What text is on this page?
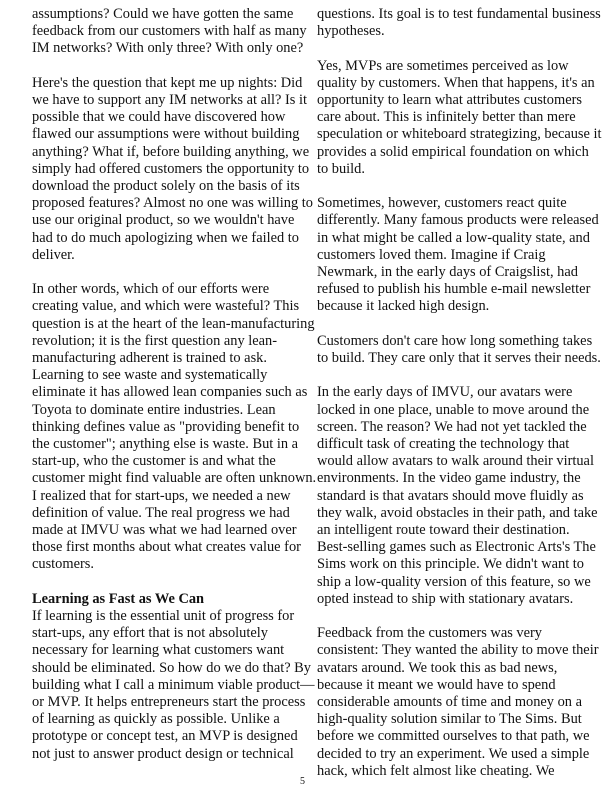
assumptions? Could we have gotten the same
feedback from our customers with half as many
IM networks? With only three? With only one?
Here's the question that kept me up nights: Did
we have to support any IM networks at all? Is it
possible that we could have discovered how
flawed our assumptions were without building
anything? What if, before building anything, we
simply had offered customers the opportunity to
download the product solely on the basis of its
proposed features? Almost no one was willing to
use our original product, so we wouldn't have
had to do much apologizing when we failed to
deliver.
In other words, which of our efforts were
creating value, and which were wasteful? This
question is at the heart of the lean-manufacturing
revolution; it is the first question any lean-
manufacturing adherent is trained to ask.
Learning to see waste and systematically
eliminate it has allowed lean companies such as
Toyota to dominate entire industries. Lean
thinking defines value as "providing benefit to
the customer"; anything else is waste. But in a
start-up, who the customer is and what the
customer might find valuable are often unknown.
I realized that for start-ups, we needed a new
definition of value. The real progress we had
made at IMVU was what we had learned over
those first months about what creates value for
customers.
Learning as Fast as We Can
If learning is the essential unit of progress for
start-ups, any effort that is not absolutely
necessary for learning what customers want
should be eliminated. So how do we do that? By
building what I call a minimum viable product—
or MVP. It helps entrepreneurs start the process
of learning as quickly as possible. Unlike a
prototype or concept test, an MVP is designed
not just to answer product design or technical
questions. Its goal is to test fundamental business
hypotheses.
Yes, MVPs are sometimes perceived as low
quality by customers. When that happens, it's an
opportunity to learn what attributes customers
care about. This is infinitely better than mere
speculation or whiteboard strategizing, because it
provides a solid empirical foundation on which
to build.
Sometimes, however, customers react quite
differently. Many famous products were released
in what might be called a low-quality state, and
customers loved them. Imagine if Craig
Newmark, in the early days of Craigslist, had
refused to publish his humble e-mail newsletter
because it lacked high design.
Customers don't care how long something takes
to build. They care only that it serves their needs.
In the early days of IMVU, our avatars were
locked in one place, unable to move around the
screen. The reason? We had not yet tackled the
difficult task of creating the technology that
would allow avatars to walk around their virtual
environments. In the video game industry, the
standard is that avatars should move fluidly as
they walk, avoid obstacles in their path, and take
an intelligent route toward their destination.
Best-selling games such as Electronic Arts's The
Sims work on this principle. We didn't want to
ship a low-quality version of this feature, so we
opted instead to ship with stationary avatars.
Feedback from the customers was very
consistent: They wanted the ability to move their
avatars around. We took this as bad news,
because it meant we would have to spend
considerable amounts of time and money on a
high-quality solution similar to The Sims. But
before we committed ourselves to that path, we
decided to try an experiment. We used a simple
hack, which felt almost like cheating. We
5
